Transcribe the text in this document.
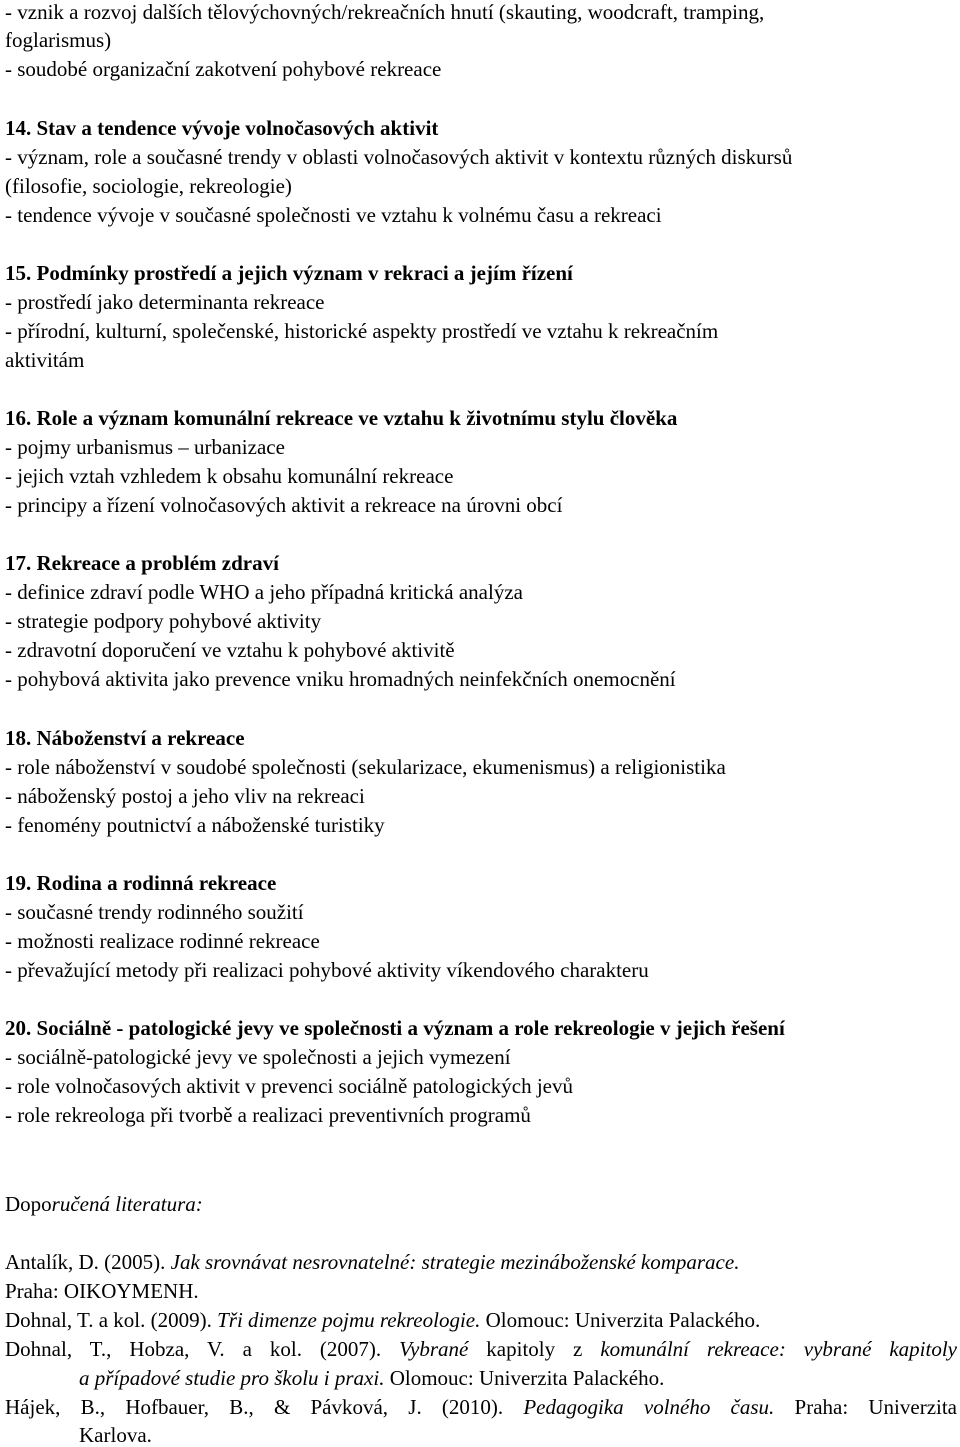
- vznik a rozvoj dalších tělovýchovných/rekreačních hnutí (skauting, woodcraft, tramping,
foglarismus)
- soudobé organizační zakotvení pohybové rekreace
14. Stav a tendence vývoje volnočasových aktivit
- význam, role a současné trendy v oblasti volnočasových aktivit v kontextu různých diskursů
(filosofie, sociologie, rekreologie)
- tendence vývoje v současné společnosti ve vztahu k volnému času a rekreaci
15. Podmínky prostředí a jejich význam v rekraci a jejím řízení
- prostředí jako determinanta rekreace
- přírodní, kulturní, společenské, historické aspekty prostředí ve vztahu k rekreačním
aktivitám
16. Role a význam komunální rekreace ve vztahu k životnímu stylu člověka
- pojmy urbanismus – urbanizace
- jejich vztah vzhledem k obsahu komunální rekreace
- principy a řízení volnočasových aktivit a rekreace na úrovni obcí
17. Rekreace a problém zdraví
- definice zdraví podle WHO a jeho případná kritická analýza
- strategie podpory pohybové aktivity
- zdravotní doporučení ve vztahu k pohybové aktivitě
- pohybová aktivita jako prevence vniku hromadných neinfekčních onemocnění
18. Náboženství a rekreace
- role náboženství v soudobé společnosti (sekularizace, ekumenismus) a religionistika
- náboženský postoj a jeho vliv na rekreaci
- fenomény poutnictví a náboženské turistiky
19. Rodina a rodinná rekreace
- současné trendy rodinného soužití
- možnosti realizace rodinné rekreace
- převažující metody při realizaci pohybové aktivity víkendového charakteru
20. Sociálně - patologické jevy ve společnosti a význam a role rekreologie v jejich řešení
- sociálně-patologické jevy ve společnosti a jejich vymezení
- role volnočasových aktivit v prevenci sociálně patologických jevů
- role rekreologa při tvorbě a realizaci preventivních programů
Doporučená literatura:
Antalík, D. (2005). Jak srovnávat nesrovnatelné: strategie mezináboženské komparace.
Praha: OIKOYMENH.
Dohnal, T. a kol. (2009). Tři dimenze pojmu rekreologie. Olomouc: Univerzita Palackého.
Dohnal, T., Hobza, V. a kol. (2007). Vybrané kapitoly z komunální rekreace: vybrané kapitoly
a případové studie pro školu i praxi. Olomouc: Univerzita Palackého.
Hájek, B., Hofbauer, B., & Pávková, J. (2010). Pedagogika volného času. Praha: Univerzita
Karlova.
